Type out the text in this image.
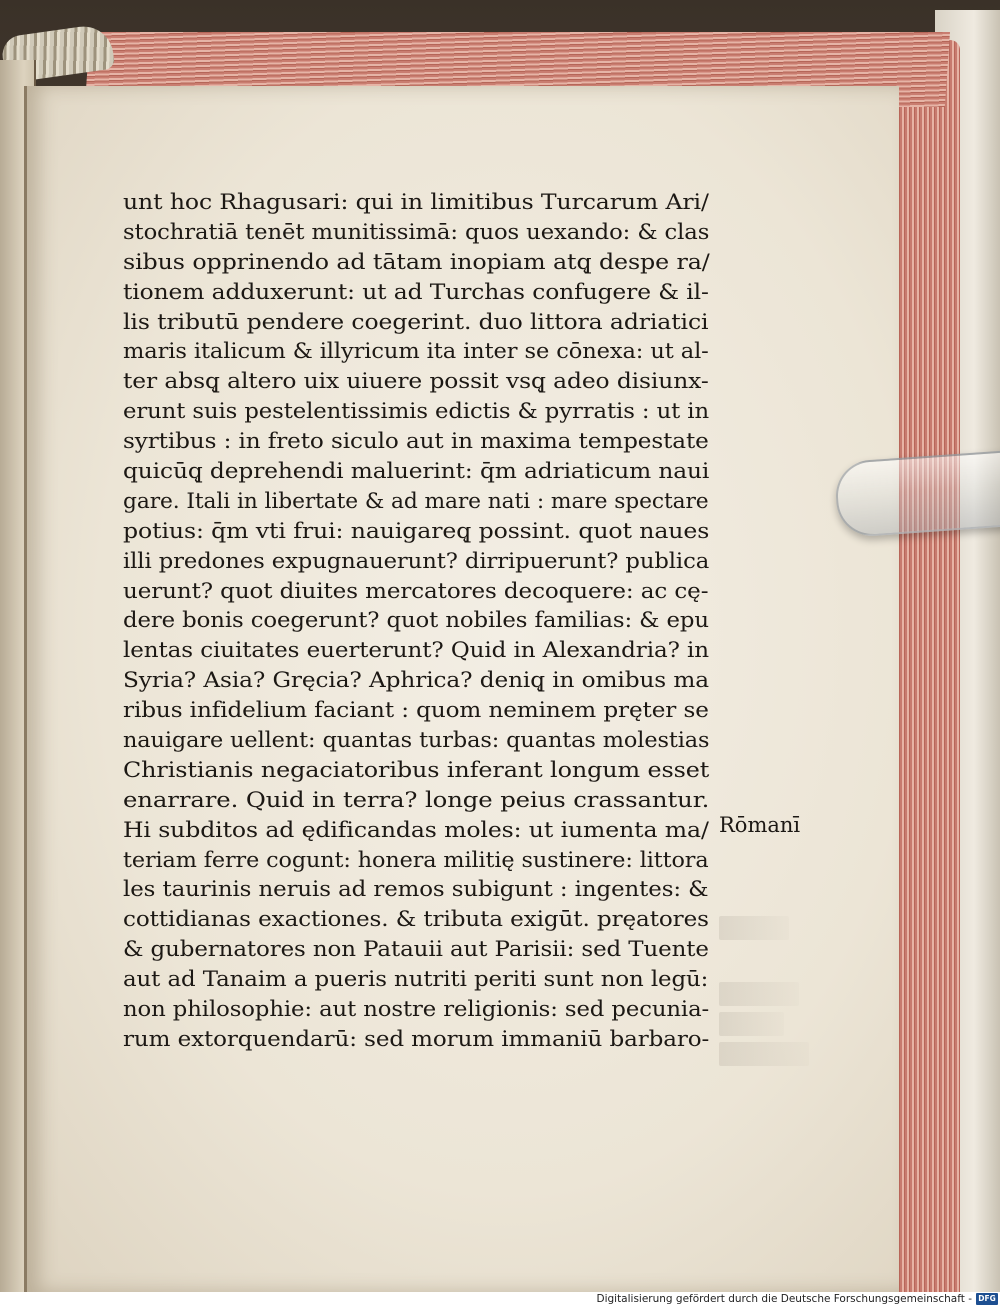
unt hoc Rhagusari: qui in limitibus Turcarum Ari/
stochratiā tenēt munitissimā: quos uexando: & clas
sibus opprinendo ad tātam inopiam atq̨ despe ra/
tionem adduxerunt: ut ad Turchas confugere & il-
lis tributū pendere coegerint. duo littora adriatici
maris italicum & illyricum ita inter se cōnexa: ut al-
ter absq̨ altero uix uiuere possit vsq̨ adeo disiunx-
erunt suis pestelentissimis edictis & pyrratis : ut in
syrtibus : in freto siculo aut in maxima tempestate
quicūq̨ deprehendi maluerint: q̄m adriaticum naui
gare. Itali in libertate & ad mare nati : mare spectare
potius: q̄m vti frui: nauigareq̨ possint. quot naues
illi predones expugnauerunt? dirripuerunt? publica
uerunt? quot diuites mercatores decoquere: ac cę-
dere bonis coegerunt? quot nobiles familias: & epu
lentas ciuitates euerterunt? Quid in Alexandria? in
Syria? Asia? Gręcia? Aphrica? deniq̨ in omibus ma
ribus infidelium faciant : quom neminem pręter se
nauigare uellent: quantas turbas: quantas molestias
Christianis negaciatoribus inferant longum esset
enarrare. Quid in terra? longe peius crassantur.
Hi subditos ad ędificandas moles: ut iumenta ma/
teriam ferre cogunt: honera militię sustinere: littora
les taurinis neruis ad remos subigunt : ingentes: &
cottidianas exactiones. & tributa exigūt. pręatores
& gubernatores non Patauii aut Parisii: sed Tuente
aut ad Tanaim a pueris nutriti periti sunt non legū:
non philosophie: aut nostre religionis: sed pecunia-
rum extorquendarū: sed morum immaniū barbaro-
Rōmanī
Digitalisierung gefördert durch die Deutsche Forschungsgemeinschaft - DFG
